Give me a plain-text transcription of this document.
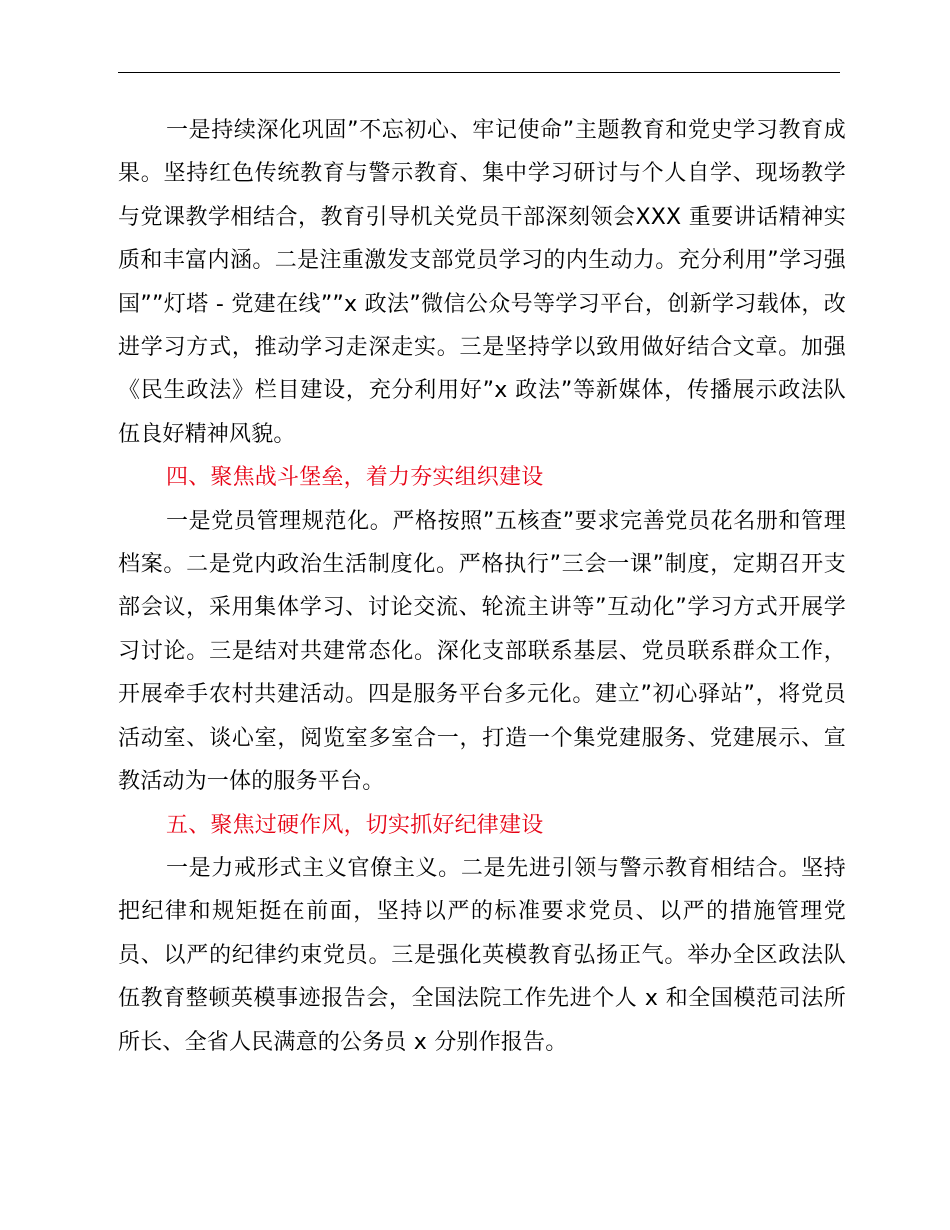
一是持续深化巩固”不忘初心、牢记使命”主题教育和党史学习教育成果。坚持红色传统教育与警示教育、集中学习研讨与个人自学、现场教学与党课教学相结合，教育引导机关党员干部深刻领会XXX 重要讲话精神实质和丰富内涵。二是注重激发支部党员学习的内生动力。充分利用”学习强国””灯塔 - 党建在线””x 政法”微信公众号等学习平台，创新学习载体，改进学习方式，推动学习走深走实。三是坚持学以致用做好结合文章。加强《民生政法》栏目建设，充分利用好”x 政法”等新媒体，传播展示政法队伍良好精神风貌。

四、聚焦战斗堡垒，着力夯实组织建设

一是党员管理规范化。严格按照”五核查”要求完善党员花名册和管理档案。二是党内政治生活制度化。严格执行”三会一课”制度，定期召开支部会议，采用集体学习、讨论交流、轮流主讲等”互动化”学习方式开展学习讨论。三是结对共建常态化。深化支部联系基层、党员联系群众工作，开展牵手农村共建活动。四是服务平台多元化。建立”初心驿站”，将党员活动室、谈心室，阅览室多室合一，打造一个集党建服务、党建展示、宣教活动为一体的服务平台。

五、聚焦过硬作风，切实抓好纪律建设

一是力戒形式主义官僚主义。二是先进引领与警示教育相结合。坚持把纪律和规矩挺在前面，坚持以严的标准要求党员、以严的措施管理党员、以严的纪律约束党员。三是强化英模教育弘扬正气。举办全区政法队伍教育整顿英模事迹报告会，全国法院工作先进个人 x 和全国模范司法所所长、全省人民满意的公务员 x 分别作报告。
